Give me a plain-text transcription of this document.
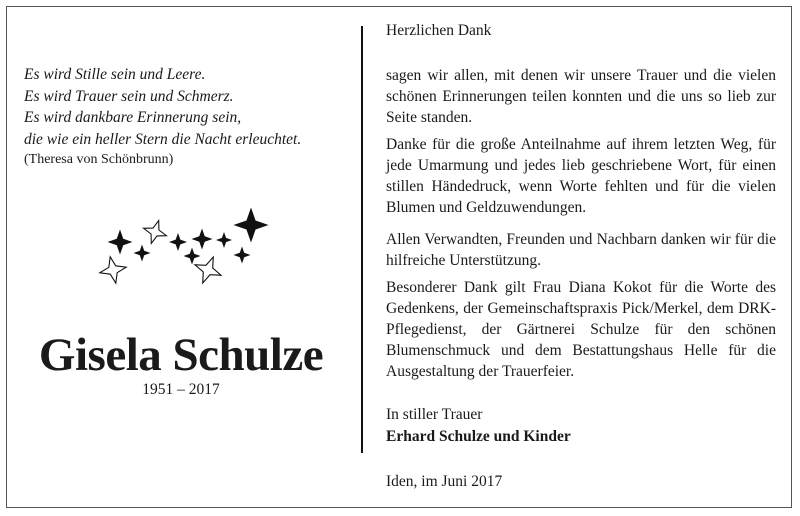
Es wird Stille sein und Leere.
Es wird Trauer sein und Schmerz.
Es wird dankbare Erinnerung sein,
die wie ein heller Stern die Nacht erleuchtet.
(Theresa von Schönbrunn)
Gisela Schulze
1951 – 2017
Herzlichen Dank
sagen wir allen, mit denen wir unsere Trauer und die vielen schönen Erinnerungen teilen konnten und die uns so lieb zur Seite standen.
Danke für die große Anteilnahme auf ihrem letzten Weg, für jede Umarmung und jedes lieb geschriebene Wort, für einen stillen Händedruck, wenn Worte fehlten und für die vielen Blumen und Geldzuwendungen.
Allen Verwandten, Freunden und Nachbarn danken wir für die hilfreiche Unterstützung.
Besonderer Dank gilt Frau Diana Kokot für die Worte des Gedenkens, der Gemeinschaftspraxis Pick/Merkel, dem DRK-Pflegedienst, der Gärtnerei Schulze für den schönen Blumenschmuck und dem Bestattungshaus Helle für die Ausgestaltung der Trauerfeier.
In stiller Trauer
Erhard Schulze und Kinder
Iden, im Juni 2017
